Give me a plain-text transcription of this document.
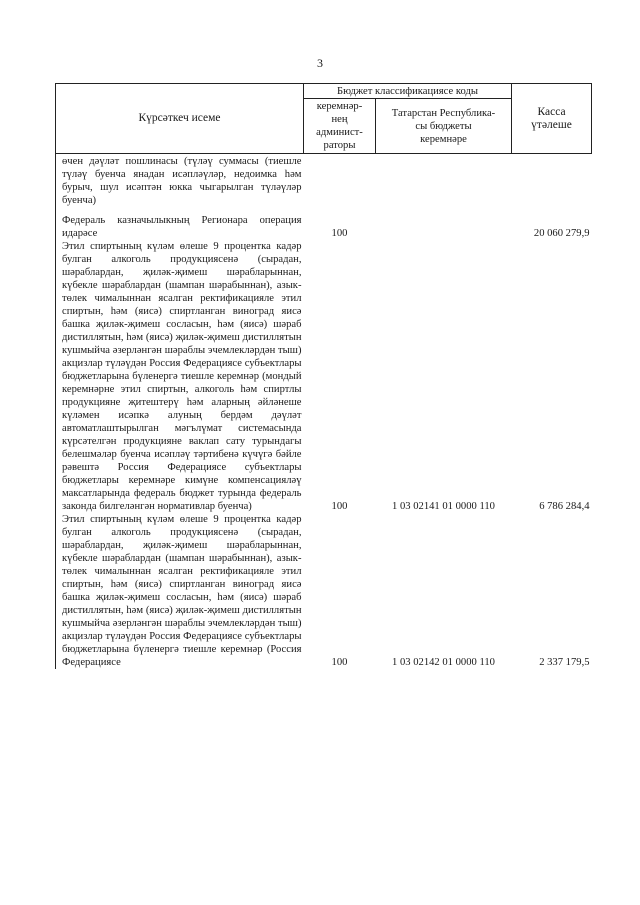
3
Күрсәткеч исеме	Бюджет классификациясе коды		Касса
үтәлеше
	керемнәр-
нең
админист-
раторы	Татарстан Республика-
сы бюджеты
керемнәре	

өчен дәүләт пошлинасы (түләү суммасы (тиешле түләү буенча янадан исәпләүләр, недоимка һәм бурыч, шул исәптән юкка чыгарылган түләүләр буенча)			

Федераль казначылыкның Регионара операция идарәсе	100		20 060 279,9

Этил спиртының күләм өлеше 9 процентка кадәр булган алкоголь продукциясенә (сырадан, шәраблардан, җиләк-җимеш шәрабларыннан, күбекле шәраблардан (шампан шәрабыннан), азык-төлек чималыннан ясалган ректификацияле этил спиртын, һәм (яисә) спиртланган виноград яисә башка җиләк-җимеш сосласын, һәм (яисә) шәраб дистиллятын, һәм (яисә) җиләк-җимеш дистиллятын кушмыйча әзерләнгән шәраблы эчемлекләрдән тыш) акцизлар түләүдән Россия Федерациясе субъектлары бюджетларына бүленергә тиешле керемнәр (мондый керемнәрне этил спиртын, алкоголь һәм спиртлы продукцияне җитештерү һәм аларның әйләнеше күләмен исәпкә алуның бердәм дәүләт автоматлаштырылган мәгълүмат системасында күрсәтелгән продукцияне ваклап сату турындагы белешмәләр буенча исәпләү тәртибенә күчүгә бәйле рәвештә Россия Федерациясе субъектлары бюджетлары керемнәре кимүне компенсацияләү максатларында федераль бюджет турында федераль законда билгеләнгән нормативлар буенча)	100	1 03 02141 01 0000 110	6 786 284,4

Этил спиртының күләм өлеше 9 процентка кадәр булган алкоголь продукциясенә (сырадан, шәраблардан, җиләк-җимеш шәрабларыннан, күбекле шәраблардан (шампан шәрабыннан), азык-төлек чималыннан ясалган ректификацияле этил спиртын, һәм (яисә) спиртланган виноград яисә башка җиләк-җимеш сосласын, һәм (яисә) шәраб дистиллятын, һәм (яисә) җиләк-җимеш дистиллятын кушмыйча әзерләнгән шәраблы эчемлекләрдән тыш) акцизлар түләүдән Россия Федерациясе субъектлары бюджетларына бүленергә тиешле керемнәр (Россия Федерациясе	100	1 03 02142 01 0000 110	2 337 179,5
